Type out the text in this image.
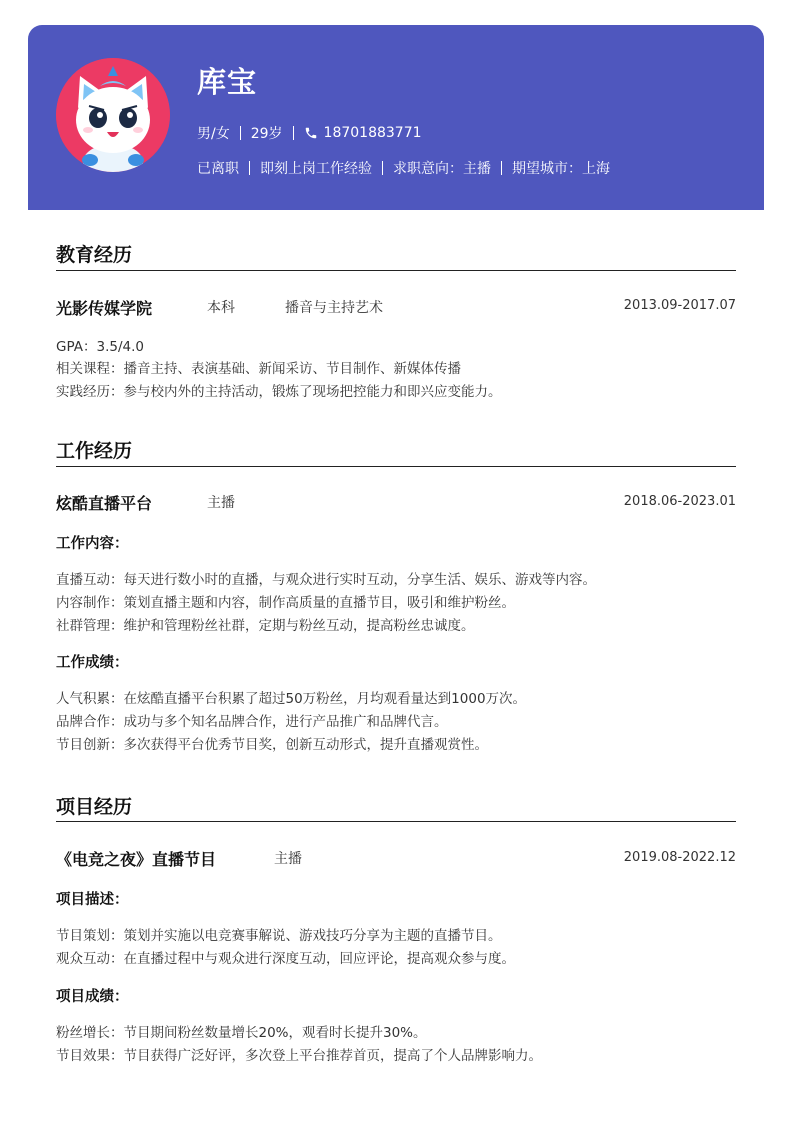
库宝
男/女 29岁	18701883771
已离职 即刻上岗工作经验 求职意向：主播 期望城市：上海
教育经历
光影传媒学院	本科	播音与主持艺术	2013.09-2017.07
GPA：3.5/4.0
相关课程：播音主持、表演基础、新闻采访、节目制作、新媒体传播
实践经历：参与校内外的主持活动，锻炼了现场把控能力和即兴应变能力。
工作经历
炫酷直播平台	主播	2018.06-2023.01
工作内容：
直播互动：每天进行数小时的直播，与观众进行实时互动，分享生活、娱乐、游戏等内容。
内容制作：策划直播主题和内容，制作高质量的直播节目，吸引和维护粉丝。
社群管理：维护和管理粉丝社群，定期与粉丝互动，提高粉丝忠诚度。
工作成绩：
人气积累：在炫酷直播平台积累了超过50万粉丝，月均观看量达到1000万次。
品牌合作：成功与多个知名品牌合作，进行产品推广和品牌代言。
节目创新：多次获得平台优秀节目奖，创新互动形式，提升直播观赏性。
项目经历
《电竞之夜》直播节目	主播	2019.08-2022.12
项目描述：
节目策划：策划并实施以电竞赛事解说、游戏技巧分享为主题的直播节目。
观众互动：在直播过程中与观众进行深度互动，回应评论，提高观众参与度。
项目成绩：
粉丝增长：节目期间粉丝数量增长20%，观看时长提升30%。
节目效果：节目获得广泛好评，多次登上平台推荐首页，提高了个人品牌影响力。
